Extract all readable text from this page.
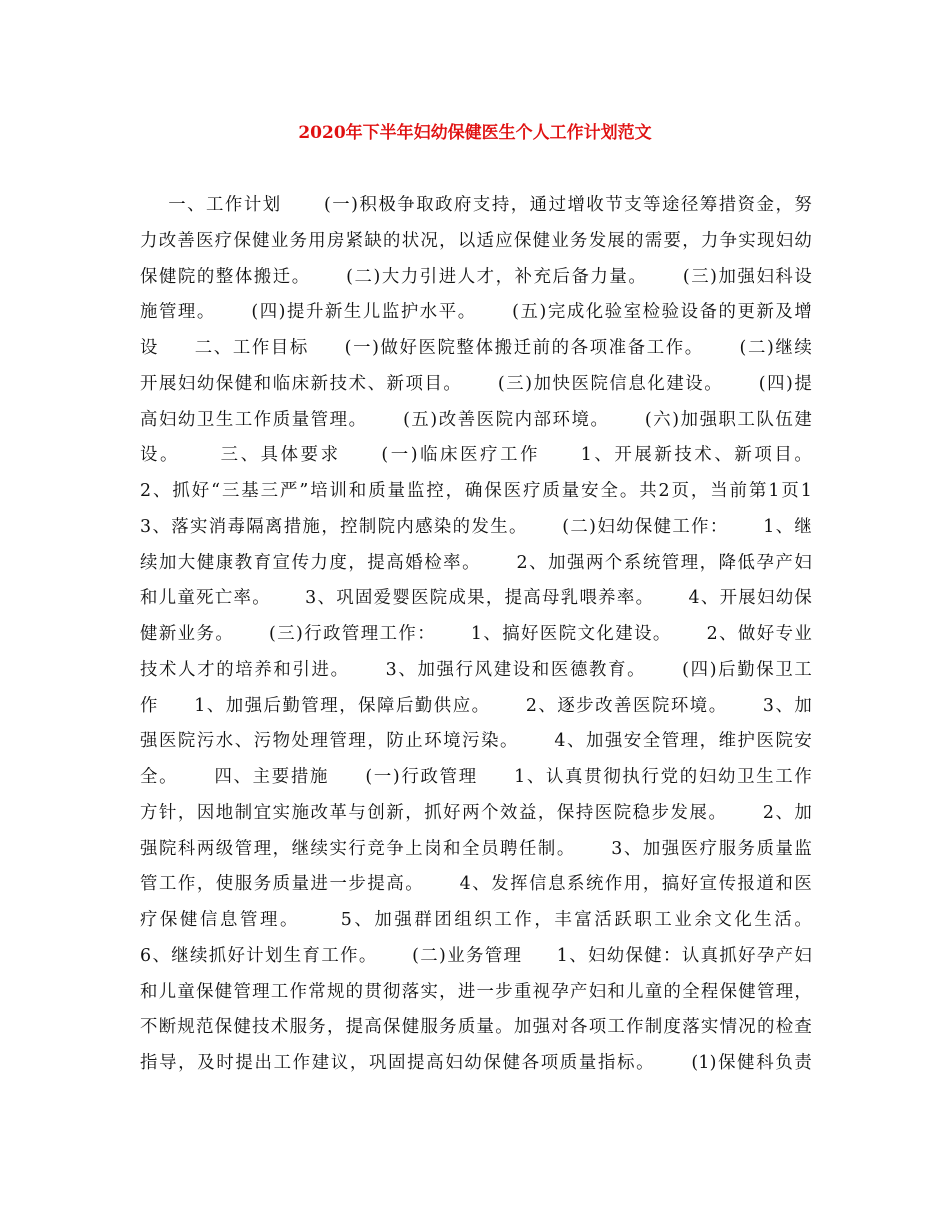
2020年下半年妇幼保健医生个人工作计划范文
一、工作计划      (一)积极争取政府支持，通过增收节支等途径筹措资金，努
力改善医疗保健业务用房紧缺的状况，以适应保健业务发展的需要，力争实现妇幼
保健院的整体搬迁。     (二)大力引进人才，补充后备力量。     (三)加强妇科设
施管理。     (四)提升新生儿监护水平。     (五)完成化验室检验设备的更新及增
设     二、工作目标     (一)做好医院整体搬迁前的各项准备工作。     (二)继续
开展妇幼保健和临床新技术、新项目。     (三)加快医院信息化建设。     (四)提
高妇幼卫生工作质量管理。     (五)改善医院内部环境。     (六)加强职工队伍建
设。     三、具体要求     (一)临床医疗工作     1、开展新技术、新项目。
2、抓好“三基三严”培训和质量监控，确保医疗质量安全。共2页，当前第1页1
3、落实消毒隔离措施，控制院内感染的发生。     (二)妇幼保健工作：     1、继
续加大健康教育宣传力度，提高婚检率。     2、加强两个系统管理，降低孕产妇
和儿童死亡率。     3、巩固爱婴医院成果，提高母乳喂养率。     4、开展妇幼保
健新业务。     (三)行政管理工作：     1、搞好医院文化建设。     2、做好专业
技术人才的培养和引进。     3、加强行风建设和医德教育。     (四)后勤保卫工
作     1、加强后勤管理，保障后勤供应。     2、逐步改善医院环境。     3、加
强医院污水、污物处理管理，防止环境污染。     4、加强安全管理，维护医院安
全。     四、主要措施     (一)行政管理     1、认真贯彻执行党的妇幼卫生工作
方针，因地制宜实施改革与创新，抓好两个效益，保持医院稳步发展。     2、加
强院科两级管理，继续实行竞争上岗和全员聘任制。     3、加强医疗服务质量监
管工作，使服务质量进一步提高。     4、发挥信息系统作用，搞好宣传报道和医
疗保健信息管理。     5、加强群团组织工作，丰富活跃职工业余文化生活。
6、继续抓好计划生育工作。     (二)业务管理     1、妇幼保健：认真抓好孕产妇
和儿童保健管理工作常规的贯彻落实，进一步重视孕产妇和儿童的全程保健管理，
不断规范保健技术服务，提高保健服务质量。加强对各项工作制度落实情况的检查
指导，及时提出工作建议，巩固提高妇幼保健各项质量指标。     (1)保健科负责
